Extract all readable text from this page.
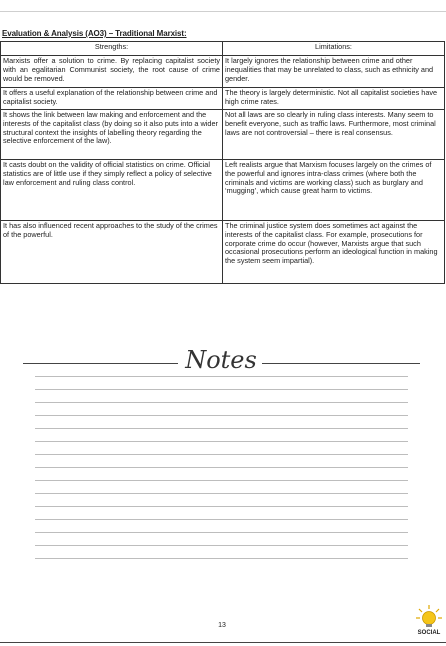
Evaluation & Analysis (AO3) – Traditional Marxist:
Strengths:	Limitations:
Marxists offer a solution to crime. By replacing capitalist society with an egalitarian Communist society, the root cause of crime would be removed.	It largely ignores the relationship between crime and other inequalities that may be unrelated to class, such as ethnicity and gender.
It offers a useful explanation of the relationship between crime and capitalist society.	The theory is largely deterministic. Not all capitalist societies have high crime rates.
It shows the link between law making and enforcement and the interests of the capitalist class (by doing so it also puts into a wider structural context the insights of labelling theory regarding the selective enforcement of the law).	Not all laws are so clearly in ruling class interests. Many seem to benefit everyone, such as traffic laws. Furthermore, most criminal laws are not controversial – there is real consensus.
It casts doubt on the validity of official statistics on crime. Official statistics are of little use if they simply reflect a policy of selective law enforcement and ruling class control.	Left realists argue that Marxism focuses largely on the crimes of the powerful and ignores intra-class crimes (where both the criminals and victims are working class) such as burglary and ‘mugging’, which cause great harm to victims.
It has also influenced recent approaches to the study of the crimes of the powerful.	The criminal justice system does sometimes act against the interests of the capitalist class. For example, prosecutions for corporate crime do occur (however, Marxists argue that such occasional prosecutions perform an ideological function in making the system seem impartial).
Notes
13
SOCIAL
